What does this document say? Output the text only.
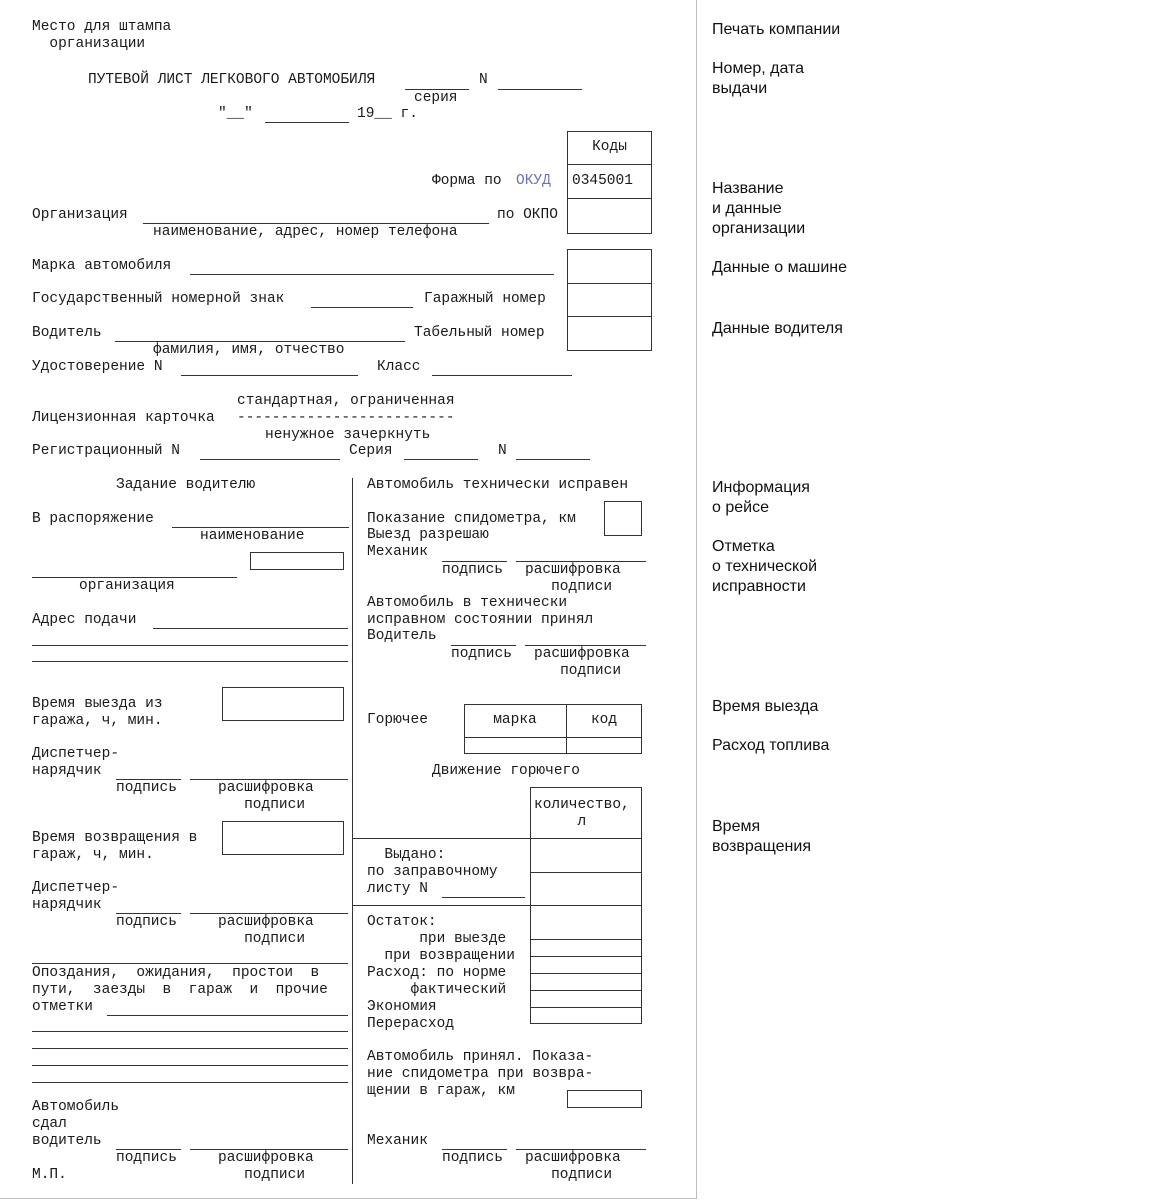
Место для штампа
организации
ПУТЕВОЙ ЛИСТ ЛЕГКОВОГО АВТОМОБИЛЯ	N
серия
"__"	19__ г.
Коды
0345001
Форма по ОКУД
Организация	по ОКПО
наименование, адрес, номер телефона
Марка автомобиля
Государственный номерной знак	Гаражный номер
Водитель	Табельный номер
фамилия, имя, отчество
Удостоверение N	Класс
стандартная, ограниченная
Лицензионная карточка -------------------------
ненужное зачеркнуть
Регистрационный N	Серия	N
Задание водителю
В распоряжение
наименование
организация
Адрес подачи
Время выезда из
гаража, ч, мин.
Диспетчер-
нарядчик
подпись	расшифровка
подписи
Время возвращения в
гараж, ч, мин.
Диспетчер-
нарядчик
подпись	расшифровка
подписи
Опоздания,  ожидания,  простои  в
пути,  заезды  в  гараж  и  прочие
отметки
Автомобиль
сдал
водитель
подпись	расшифровка
подписи
М.П.
Автомобиль технически исправен
Показание спидометра, км
Выезд разрешаю
Механик
подпись расшифровка
подписи
Автомобиль в технически
исправном состоянии принял
Водитель
подпись расшифровка
подписи
Горючее	марка	код
Движение горючего
количество,
л
Выдано:
по заправочному
листу N
Остаток:
при выезде
при возвращении
Расход: по норме
фактический
Экономия
Перерасход
Автомобиль принял. Показа-
ние спидометра при возвра-
щении в гараж, км
Механик
подпись расшифровка
подписи
Печать компании
Номер, дата
выдачи
Название
и данные
организации
Данные о машине
Данные водителя
Информация
о рейсе
Отметка
о технической
исправности
Время выезда
Расход топлива
Время
возвращения
